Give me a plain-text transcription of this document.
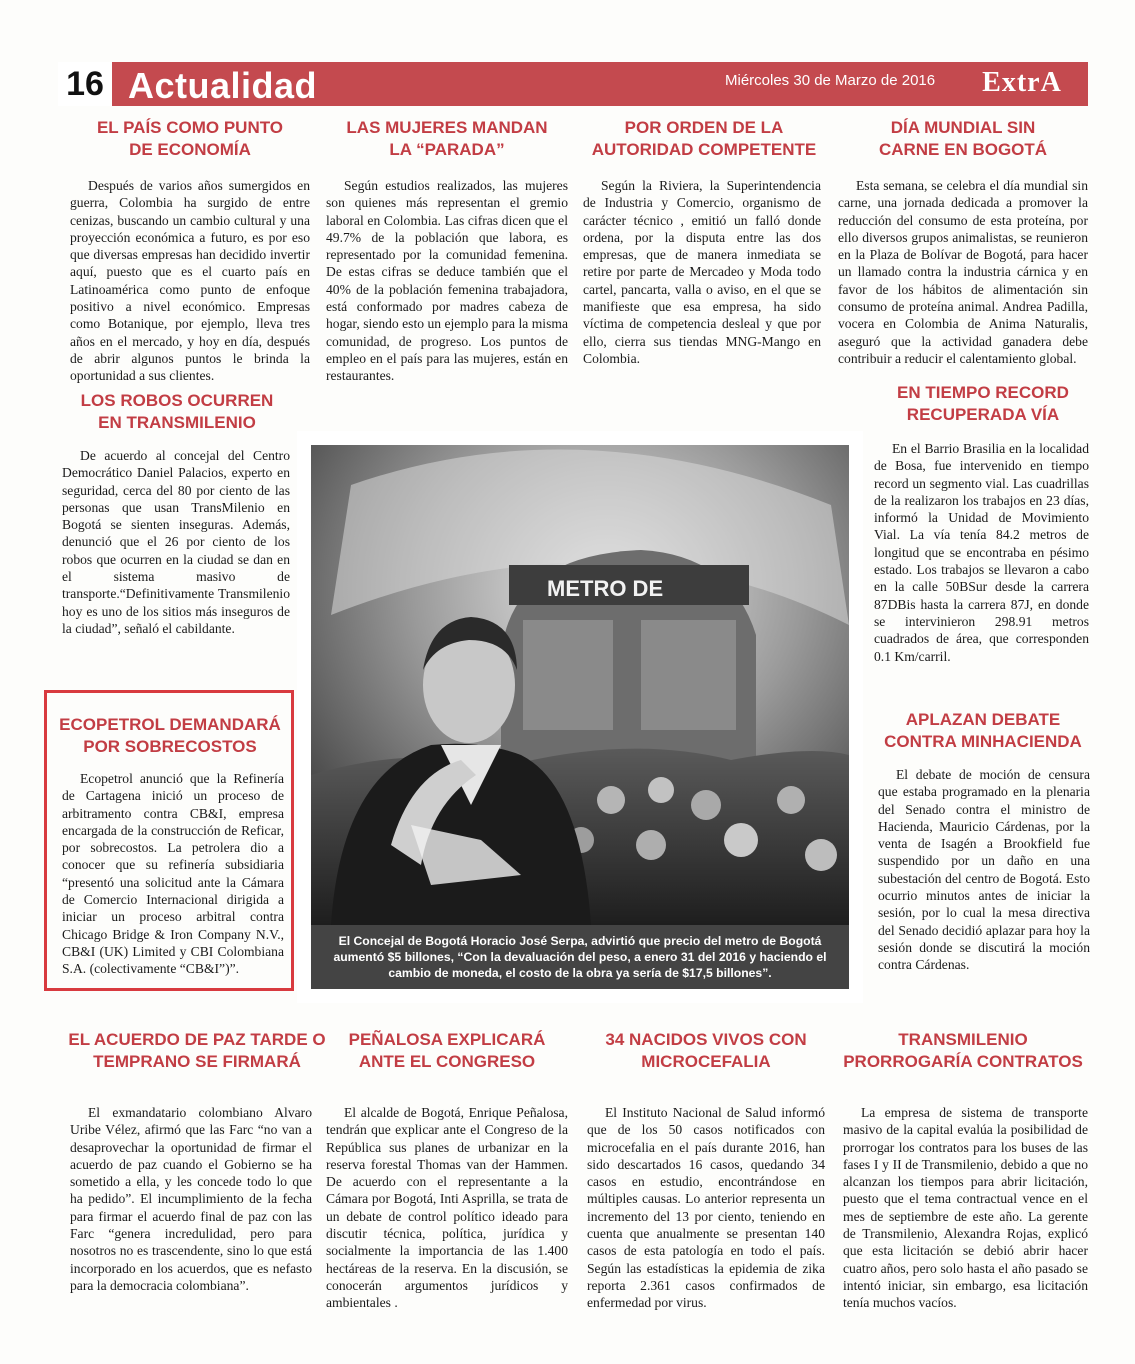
16 Actualidad	Miércoles 30 de Marzo de 2016	ExtrA
EL PAÍS COMO PUNTO
DE ECONOMÍA
Después de varios años sumergidos en guerra, Colombia ha surgido de entre cenizas, buscando un cambio cultural y una proyección económica a futuro, es por eso que diversas empresas han decidido invertir aquí, puesto que es el cuarto país en Latinoamérica como punto de enfoque positivo a nivel económico. Empresas como Botanique, por ejemplo, lleva tres años en el mercado, y hoy en día, después de abrir algunos puntos le brinda la oportunidad a sus clientes.
LAS MUJERES MANDAN
LA “PARADA”
Según estudios realizados, las mujeres son quienes más representan el gremio laboral en Colombia. Las cifras dicen que el 49.7% de la población que labora, es representado por la comunidad femenina. De estas cifras se deduce también que el 40% de la población femenina trabajadora, está conformado por madres cabeza de hogar, siendo esto un ejemplo para la misma comunidad, de progreso. Los puntos de empleo en el país para las mujeres, están en restaurantes.
POR ORDEN DE LA
AUTORIDAD COMPETENTE
Según la Riviera, la Superintendencia de Industria y Comercio, organismo de carácter técnico , emitió un falló donde ordena, por la disputa entre las dos empresas, que de manera inmediata se retire por parte de Mercadeo y Moda todo cartel, pancarta, valla o aviso, en el que se manifieste que esa empresa, ha sido víctima de competencia desleal y que por ello, cierra sus tiendas MNG-Mango en Colombia.
DÍA MUNDIAL SIN
CARNE EN BOGOTÁ
Esta semana, se celebra el día mundial sin carne, una jornada dedicada a promover la reducción del consumo de esta proteína, por ello diversos grupos animalistas, se reunieron en la Plaza de Bolívar de Bogotá, para hacer un llamado contra la industria cárnica y en favor de los hábitos de alimentación sin consumo de proteína animal. Andrea Padilla, vocera en Colombia de Anima Naturalis, aseguró que la actividad ganadera debe contribuir a reducir el calentamiento global.
LOS ROBOS OCURREN
EN TRANSMILENIO
De acuerdo al concejal del Centro Democrático Daniel Palacios, experto en seguridad, cerca del 80 por ciento de las personas que usan TransMilenio en Bogotá se sienten inseguras. Además, denunció que el 26 por ciento de los robos que ocurren en la ciudad se dan en el sistema masivo de transporte.“Definitivamente Transmilenio hoy es uno de los sitios más inseguros de la ciudad”, señaló el cabildante.
ECOPETROL DEMANDARÁ
POR SOBRECOSTOS
Ecopetrol anunció que la Refinería de Cartagena inició un proceso de arbitramento contra CB&I, empresa encargada de la construcción de Reficar, por sobrecostos. La petrolera dio a conocer que su refinería subsidiaria “presentó una solicitud ante la Cámara de Comercio Internacional dirigida a iniciar un proceso arbitral contra Chicago Bridge & Iron Company N.V., CB&I (UK) Limited y CBI Colombiana S.A. (colectivamente “CB&I”)”.
EN TIEMPO RECORD
RECUPERADA VÍA
En el Barrio Brasilia en la localidad de Bosa, fue intervenido en tiempo record un segmento vial. Las cuadrillas de la realizaron los trabajos en 23 días, informó la Unidad de Movimiento Vial. La vía tenía 84.2 metros de longitud que se encontraba en pésimo estado. Los trabajos se llevaron a cabo en la calle 50BSur desde la carrera 87DBis hasta la carrera 87J, en donde se intervinieron 298.91 metros cuadrados de área, que corresponden 0.1 Km/carril.
APLAZAN DEBATE
CONTRA MINHACIENDA
El debate de moción de censura que estaba programado en la plenaria del Senado contra el ministro de Hacienda, Mauricio Cárdenas, por la venta de Isagén a Brookfield fue suspendido por un daño en una subestación del centro de Bogotá. Esto ocurrio minutos antes de iniciar la sesión, por lo cual la mesa directiva del Senado decidió aplazar para hoy la sesión donde se discutirá la moción contra Cárdenas.
METRO DE
El Concejal de Bogotá Horacio José Serpa, advirtió que precio del metro de Bogotá aumentó $5 billones, “Con la devaluación del peso, a enero 31 del 2016 y haciendo el cambio de moneda, el costo de la obra ya sería de $17,5 billones”.
EL ACUERDO DE PAZ TARDE O
TEMPRANO SE FIRMARÁ
El exmandatario colombiano Alvaro Uribe Vélez, afirmó que las Farc “no van a desaprovechar la oportunidad de firmar el acuerdo de paz cuando el Gobierno se ha sometido a ella, y les concede todo lo que ha pedido”. El incumplimiento de la fecha para firmar el acuerdo final de paz con las Farc “genera incredulidad, pero para nosotros no es trascendente, sino lo que está incorporado en los acuerdos, que es nefasto para la democracia colombiana”.
PEÑALOSA EXPLICARÁ
ANTE EL CONGRESO
El alcalde de Bogotá, Enrique Peñalosa, tendrán que explicar ante el Congreso de la República sus planes de urbanizar en la reserva forestal Thomas van der Hammen. De acuerdo con el representante a la Cámara por Bogotá, Inti Asprilla, se trata de un debate de control político ideado para discutir técnica, política, jurídica y socialmente la importancia de las 1.400 hectáreas de la reserva. En la discusión, se conocerán argumentos jurídicos y ambientales .
34 NACIDOS VIVOS CON
MICROCEFALIA
El Instituto Nacional de Salud informó que de los 50 casos notificados con microcefalia en el país durante 2016, han sido descartados 16 casos, quedando 34 casos en estudio, encontrándose en múltiples causas. Lo anterior representa un incremento del 13 por ciento, teniendo en cuenta que anualmente se presentan 140 casos de esta patología en todo el país. Según las estadísticas la epidemia de zika reporta 2.361 casos confirmados de enfermedad por virus.
TRANSMILENIO
PRORROGARÍA CONTRATOS
La empresa de sistema de transporte masivo de la capital evalúa la posibilidad de prorrogar los contratos para los buses de las fases I y II de Transmilenio, debido a que no alcanzan los tiempos para abrir licitación, puesto que el tema contractual vence en el mes de septiembre de este año. La gerente de Transmilenio, Alexandra Rojas, explicó que esta licitación se debió abrir hacer cuatro años, pero solo hasta el año pasado se intentó iniciar, sin embargo, esa licitación tenía muchos vacíos.
